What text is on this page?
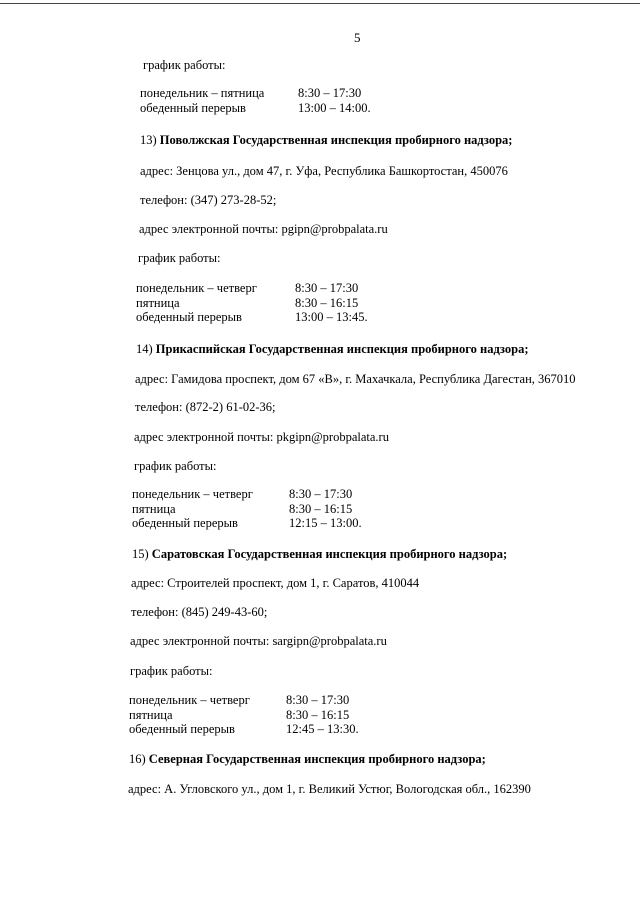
5
график работы:
понедельник – пятница	8:30 – 17:30
обеденный перерыв	13:00 – 14:00.
13) Поволжская Государственная инспекция пробирного надзора;
адрес: Зенцова ул., дом 47, г. Уфа, Республика Башкортостан, 450076
телефон: (347) 273-28-52;
адрес электронной почты: pgipn@probpalata.ru
график работы:
понедельник – четверг	8:30 – 17:30
пятница	8:30 – 16:15
обеденный перерыв	13:00 – 13:45.
14) Прикаспийская Государственная инспекция пробирного надзора;
адрес: Гамидова проспект, дом 67 «В», г. Махачкала, Республика Дагестан, 367010
телефон: (872-2) 61-02-36;
адрес электронной почты: pkgipn@probpalata.ru
график работы:
понедельник – четверг	8:30 – 17:30
пятница	8:30 – 16:15
обеденный перерыв	12:15 – 13:00.
15) Саратовская Государственная инспекция пробирного надзора;
адрес: Строителей проспект, дом 1, г. Саратов, 410044
телефон: (845) 249-43-60;
адрес электронной почты: sargipn@probpalata.ru
график работы:
понедельник – четверг	8:30 – 17:30
пятница	8:30 – 16:15
обеденный перерыв	12:45 – 13:30.
16) Северная Государственная инспекция пробирного надзора;
адрес: А. Угловского ул., дом 1, г. Великий Устюг, Вологодская обл., 162390
